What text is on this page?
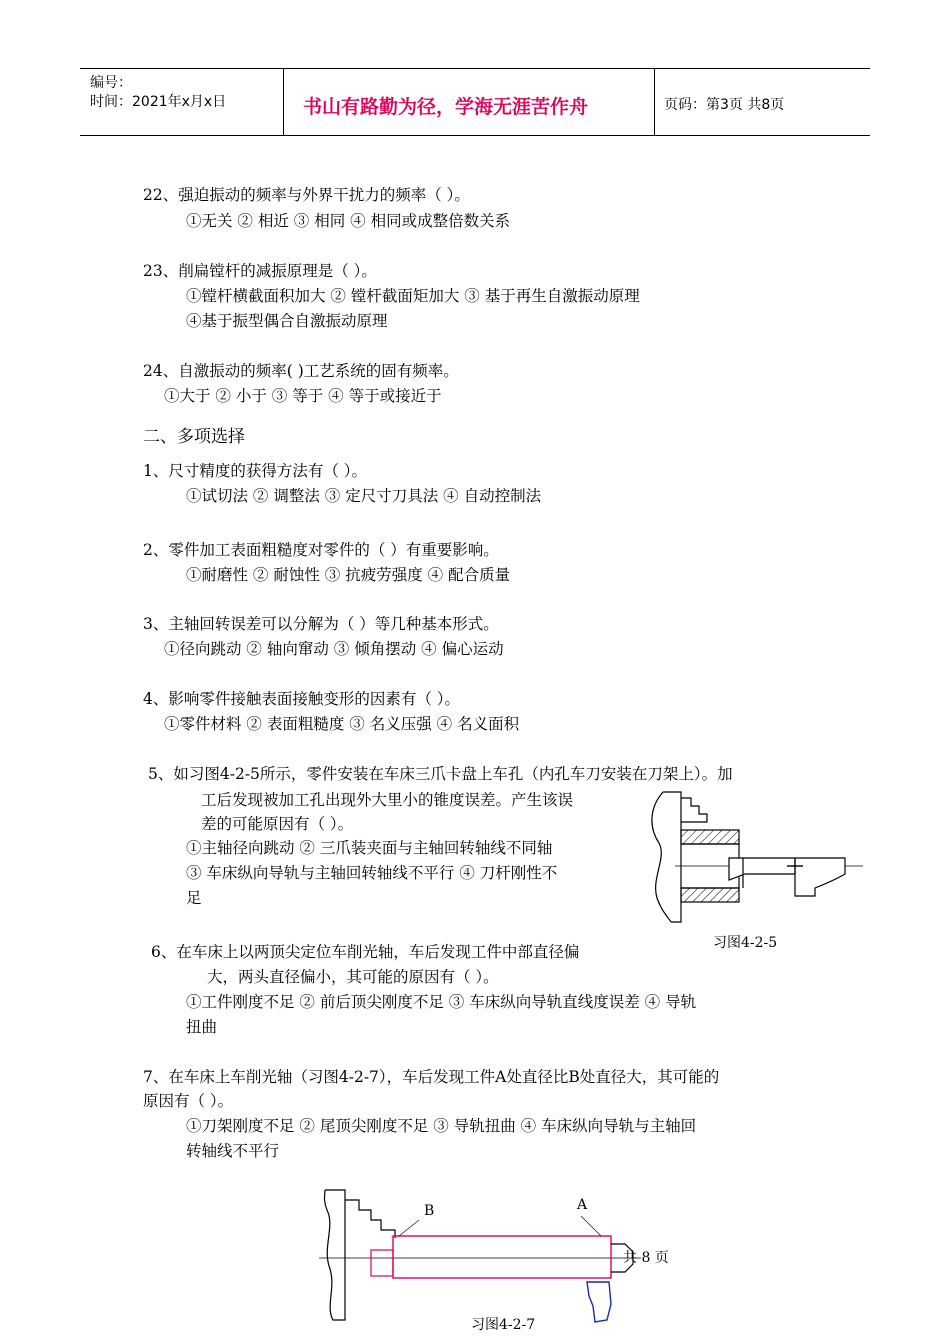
编号：
时间：2021年x月x日	书山有路勤为径，学海无涯苦作舟	页码：第3页 共8页
22、强迫振动的频率与外界干扰力的频率（ ）。
①无关 ② 相近 ③ 相同 ④ 相同或成整倍数关系
23、削扁镗杆的减振原理是（ ）。
①镗杆横截面积加大 ② 镗杆截面矩加大 ③ 基于再生自激振动原理
④基于振型偶合自激振动原理
24、自激振动的频率( )工艺系统的固有频率。
①大于 ② 小于 ③ 等于 ④ 等于或接近于
二、多项选择
1、尺寸精度的获得方法有（ ）。
①试切法 ② 调整法 ③ 定尺寸刀具法 ④ 自动控制法
2、零件加工表面粗糙度对零件的（ ）有重要影响。
①耐磨性 ② 耐蚀性 ③ 抗疲劳强度 ④ 配合质量
3、主轴回转误差可以分解为（ ）等几种基本形式。
①径向跳动 ② 轴向窜动 ③ 倾角摆动 ④ 偏心运动
4、影响零件接触表面接触变形的因素有（ ）。
①零件材料 ② 表面粗糙度 ③ 名义压强 ④ 名义面积
5、如习图4-2-5所示，零件安装在车床三爪卡盘上车孔（内孔车刀安装在刀架上）。加
工后发现被加工孔出现外大里小的锥度误差。产生该误
差的可能原因有（ ）。
①主轴径向跳动 ② 三爪装夹面与主轴回转轴线不同轴
③ 车床纵向导轨与主轴回转轴线不平行 ④ 刀杆刚性不
足
习图4-2-5
6、在车床上以两顶尖定位车削光轴，车后发现工件中部直径偏
大，两头直径偏小，其可能的原因有（ ）。
①工件刚度不足 ② 前后顶尖刚度不足 ③ 车床纵向导轨直线度误差 ④ 导轨
扭曲
7、在车床上车削光轴（习图4-2-7），车后发现工件A处直径比B处直径大，其可能的
原因有（ ）。
①刀架刚度不足 ② 尾顶尖刚度不足 ③ 导轨扭曲 ④ 车床纵向导轨与主轴回
转轴线不平行
B	A
共 8 页
习图4-2-7
